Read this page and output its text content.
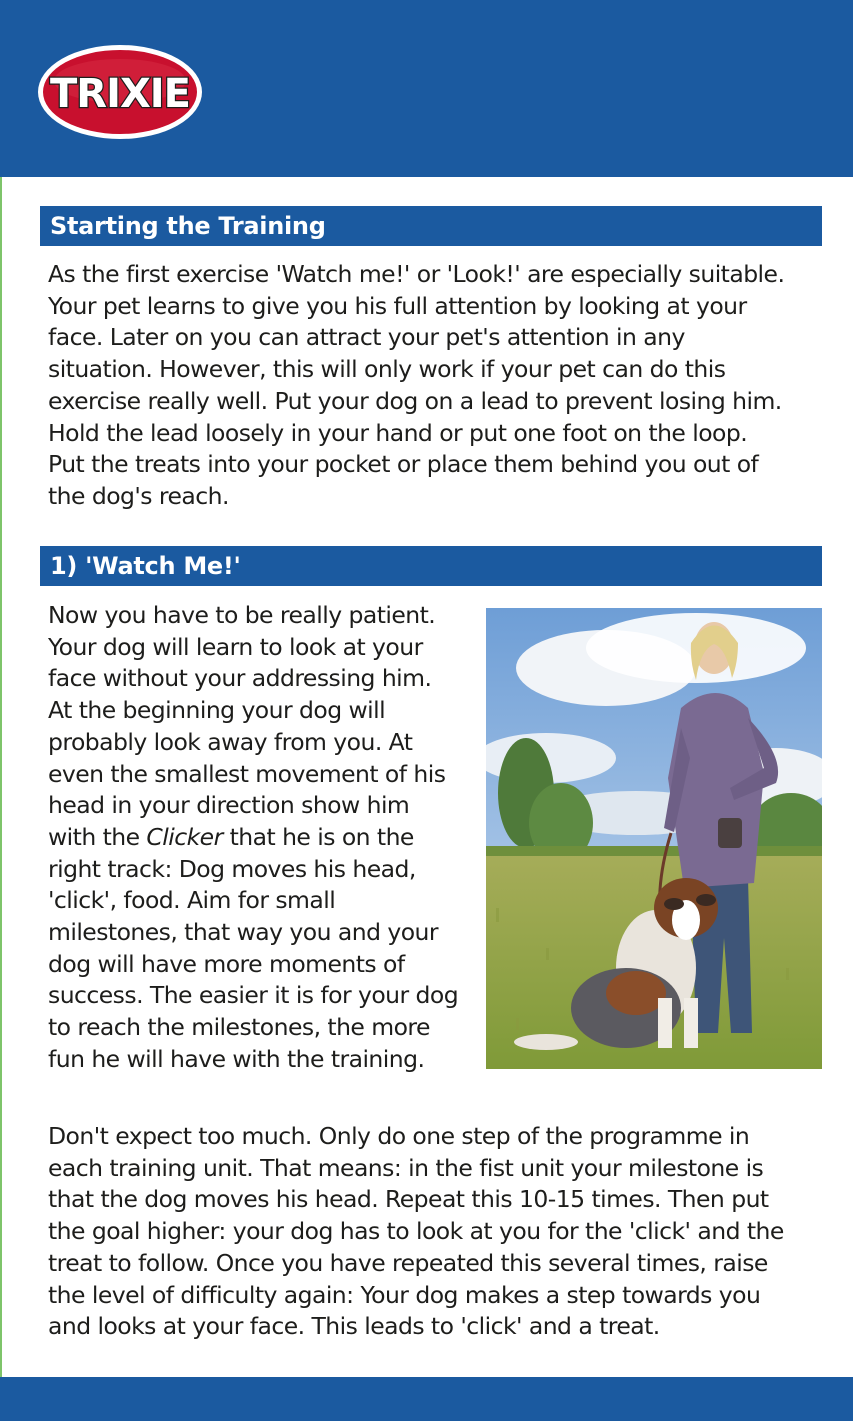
TRIXIE
Starting the Training
As the first exercise 'Watch me!' or 'Look!' are especially suitable.
Your pet learns to give you his full attention by looking at your
face. Later on you can attract your pet's attention in any
situation. However, this will only work if your pet can do this
exercise really well. Put your dog on a lead to prevent losing him.
Hold the lead loosely in your hand or put one foot on the loop.
Put the treats into your pocket or place them behind you out of
the dog's reach.
1) 'Watch Me!'
Now you have to be really patient.
Your dog will learn to look at your
face without your addressing him.
At the beginning your dog will
probably look away from you. At
even the smallest movement of his
head in your direction show him
with the Clicker that he is on the
right track: Dog moves his head,
'click', food. Aim for small
milestones, that way you and your
dog will have more moments of
success. The easier it is for your dog
to reach the milestones, the more
fun he will have with the training.
Don't expect too much. Only do one step of the programme in
each training unit. That means: in the fist unit your milestone is
that the dog moves his head. Repeat this 10-15 times. Then put
the goal higher: your dog has to look at you for the 'click' and the
treat to follow. Once you have repeated this several times, raise
the level of difficulty again: Your dog makes a step towards you
and looks at your face. This leads to 'click' and a treat.
